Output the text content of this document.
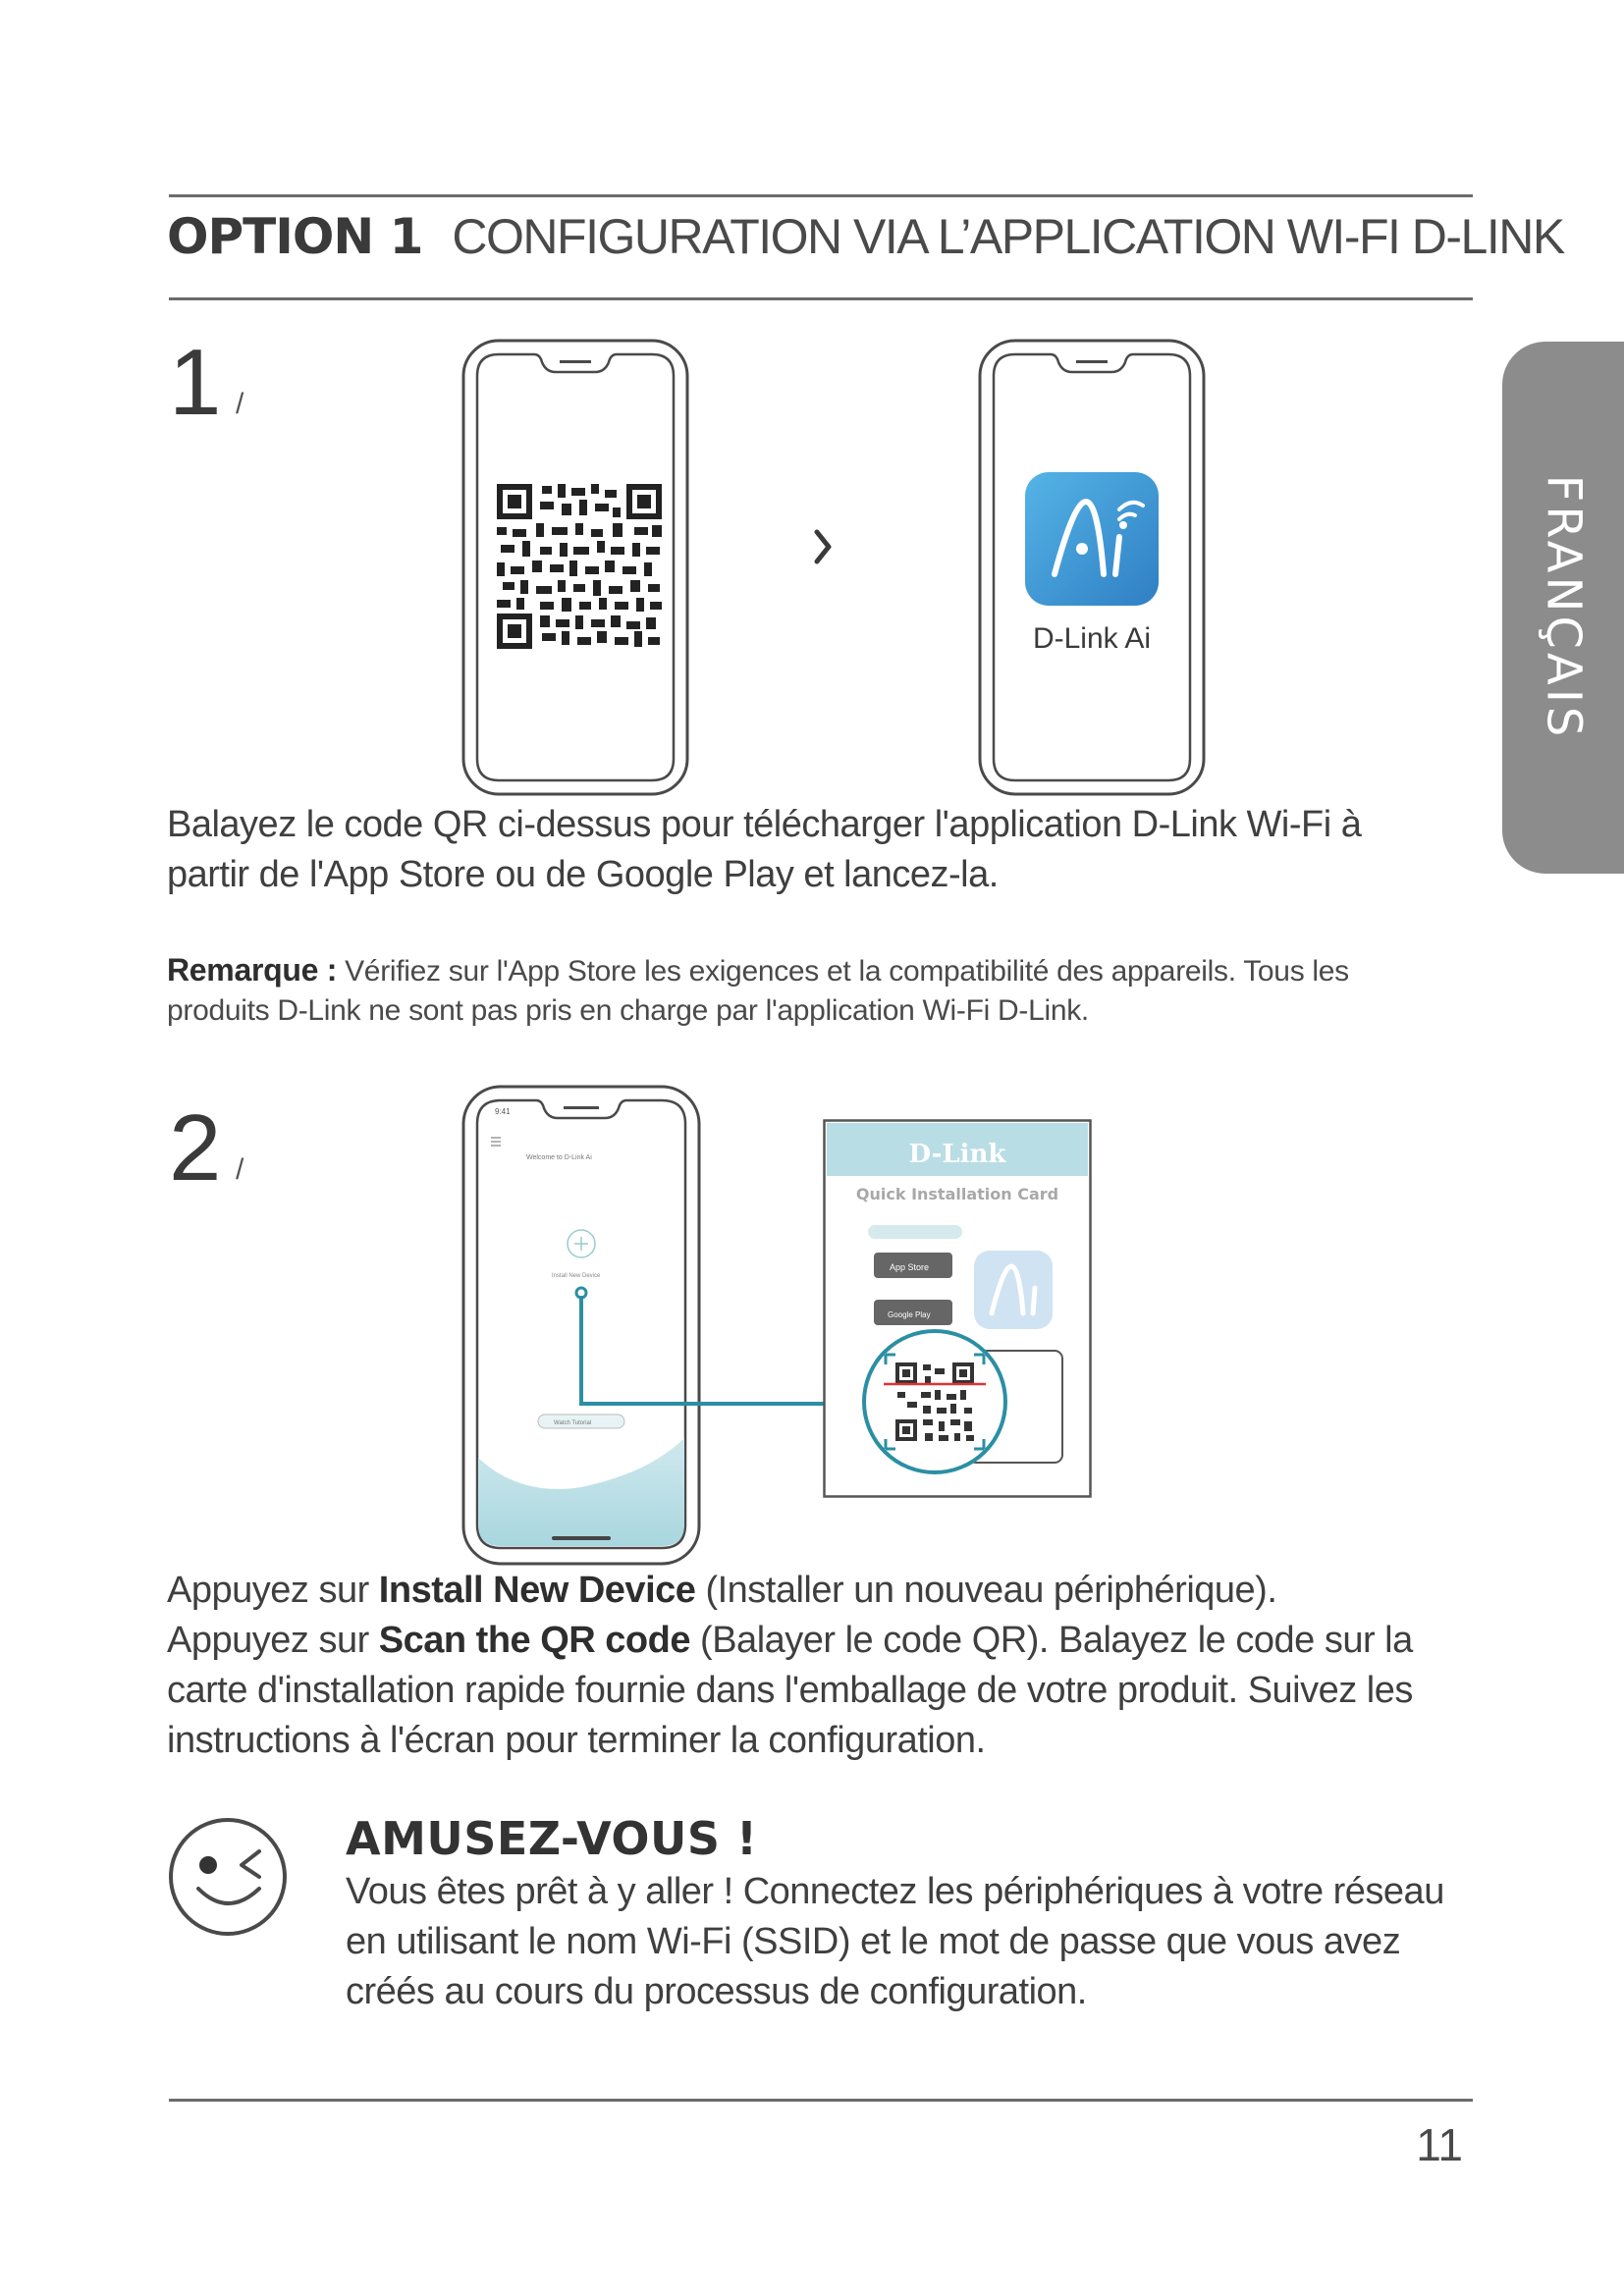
OPTION 1 CONFIGURATION VIA L’APPLICATION WI-FI D-LINK
FRANÇAIS
1 /
D-Link Ai
Balayez le code QR ci-dessus pour télécharger l'application D-Link Wi-Fi à partir de l'App Store ou de Google Play et lancez-la.
Remarque : Vérifiez sur l'App Store les exigences et la compatibilité des appareils. Tous les produits D-Link ne sont pas pris en charge par l'application Wi-Fi D-Link.
2 /
9:41
Welcome to D-Link Ai
Install New Device
Watch Tutorial
D-Link
Quick Installation Card
App Store
Google Play
Appuyez sur Install New Device (Installer un nouveau périphérique).
Appuyez sur Scan the QR code (Balayer le code QR). Balayez le code sur la carte d'installation rapide fournie dans l'emballage de votre produit. Suivez les instructions à l'écran pour terminer la configuration.
AMUSEZ-VOUS !
Vous êtes prêt à y aller ! Connectez les périphériques à votre réseau en utilisant le nom Wi-Fi (SSID) et le mot de passe que vous avez créés au cours du processus de configuration.
11
